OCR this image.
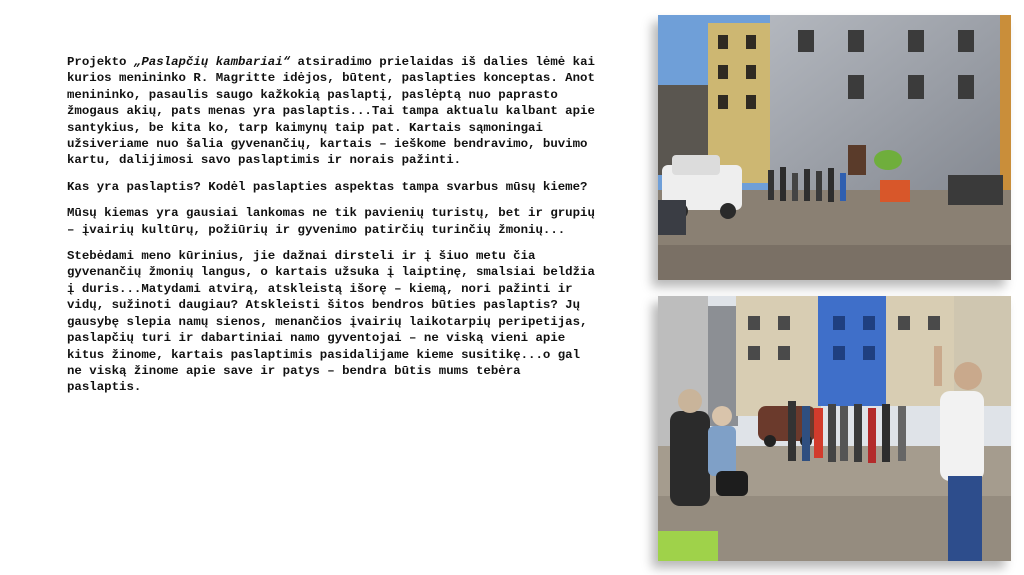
Projekto „Paslapčių kambariai“ atsiradimo prielaidas iš dalies lėmė kai kurios menininko R. Magritte idėjos, būtent, paslapties konceptas. Anot menininko, pasaulis saugo kažkokią paslaptį, paslėptą nuo paprasto žmogaus akių, pats menas yra paslaptis...Tai tampa aktualu kalbant apie santykius, be kita ko, tarp kaimynų taip pat. Kartais sąmoningai užsiveriame nuo šalia gyvenančių, kartais – ieškome bendravimo, buvimo kartu, dalijimosi savo paslaptimis ir norais pažinti.

Kas yra paslaptis? Kodėl paslapties aspektas tampa svarbus mūsų kieme?

Mūsų kiemas yra gausiai lankomas ne tik pavienių turistų, bet ir grupių – įvairių kultūrų, požiūrių ir gyvenimo patirčių turinčių žmonių...

Stebėdami meno kūrinius, jie dažnai dirsteli ir į šiuo metu čia gyvenančių žmonių langus, o kartais užsuka į laiptinę, smalsiai beldžia į duris...Matydami atvirą, atskleistą išorę – kiemą, nori pažinti ir vidų, sužinoti daugiau? Atskleisti šitos bendros būties paslaptis? Jų gausybę slepia namų sienos, menančios įvairių laikotarpių peripetijas, paslapčių turi ir dabartiniai namo gyventojai – ne viską vieni apie kitus žinome, kartais paslaptimis pasidalijame kieme susitikę...o gal ne viską žinome apie save ir patys – bendra būtis mums tebėra paslaptis.
